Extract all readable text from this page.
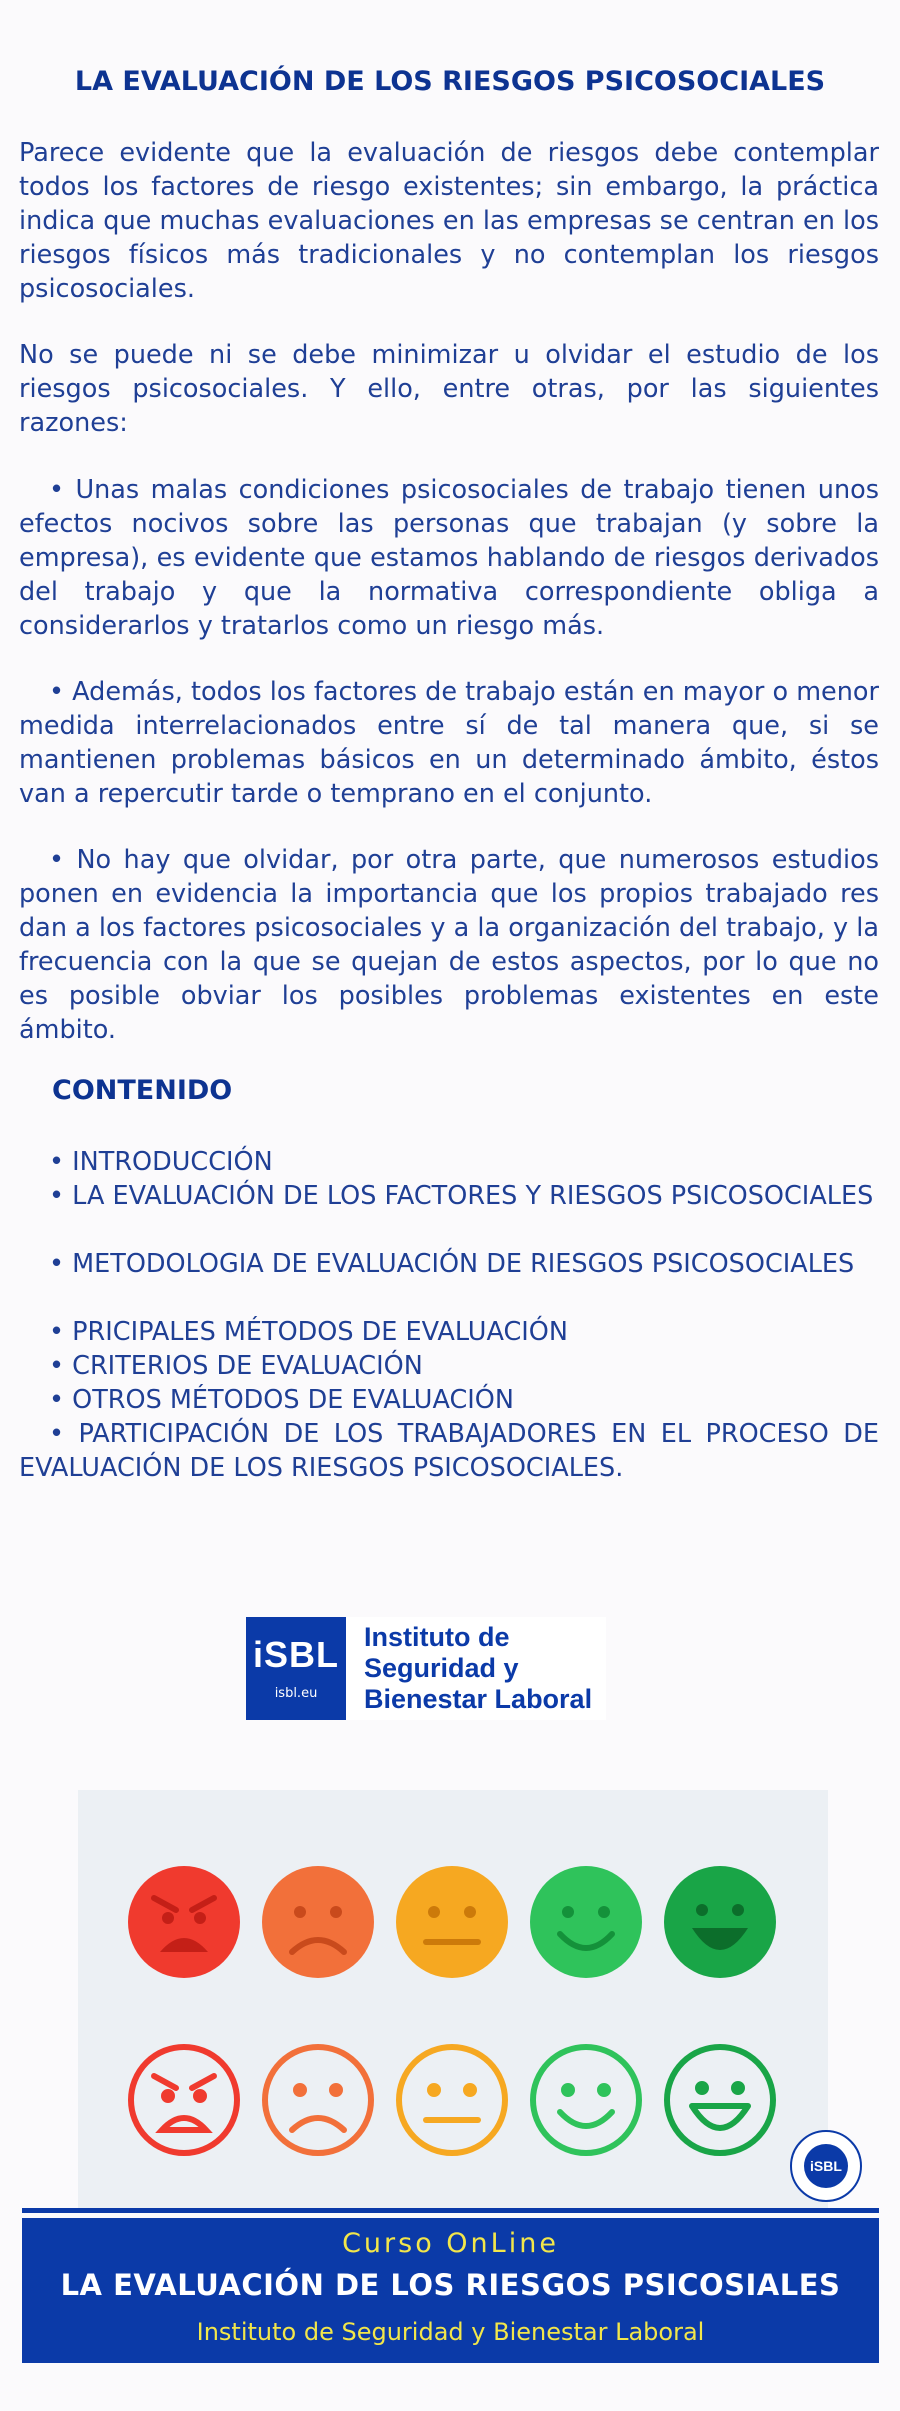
LA EVALUACIÓN DE LOS RIESGOS PSICOSOCIALES

Parece evidente que la evaluación de riesgos debe contemplar todos los factores de riesgo existentes; sin embargo, la práctica indica que muchas evaluaciones en las empresas se centran en los riesgos físicos más tradicionales y no contemplan los riesgos psicosociales.

No se puede ni se debe minimizar u olvidar el estudio de los riesgos psicosociales. Y ello, entre otras, por las siguientes razones:

• Unas malas condiciones psicosociales de trabajo tienen unos efectos nocivos sobre las personas que trabajan (y sobre la empresa), es evidente que estamos hablando de riesgos derivados del trabajo y que la normativa correspondiente obliga a considerarlos y tratarlos como un riesgo más.

• Además, todos los factores de trabajo están en mayor o menor medida interrelacionados entre sí de tal manera que, si se mantienen problemas básicos en un determinado ámbito, éstos van a repercutir tarde o temprano en el conjunto.

• No hay que olvidar, por otra parte, que numerosos estudios ponen en evidencia la importancia que los propios trabajado res dan a los factores psicosociales y a la organización del trabajo, y la frecuencia con la que se quejan de estos aspectos, por lo que no es posible obviar los posibles problemas existentes en este ámbito.

CONTENIDO

• INTRODUCCIÓN

• LA EVALUACIÓN DE LOS FACTORES Y RIESGOS PSICOSOCIALES

• METODOLOGIA DE EVALUACIÓN DE RIESGOS PSICOSOCIALES

• PRICIPALES MÉTODOS DE EVALUACIÓN

• CRITERIOS DE EVALUACIÓN

• OTROS MÉTODOS DE EVALUACIÓN

• PARTICIPACIÓN DE LOS TRABAJADORES EN EL PROCESO DE EVALUACIÓN DE LOS RIESGOS PSICOSOCIALES.

iSBL
isbl.eu
Instituto de
Seguridad y
Bienestar Laboral
iSBL
Curso OnLine
LA EVALUACIÓN DE LOS RIESGOS PSICOSIALES
Instituto de Seguridad y Bienestar Laboral
